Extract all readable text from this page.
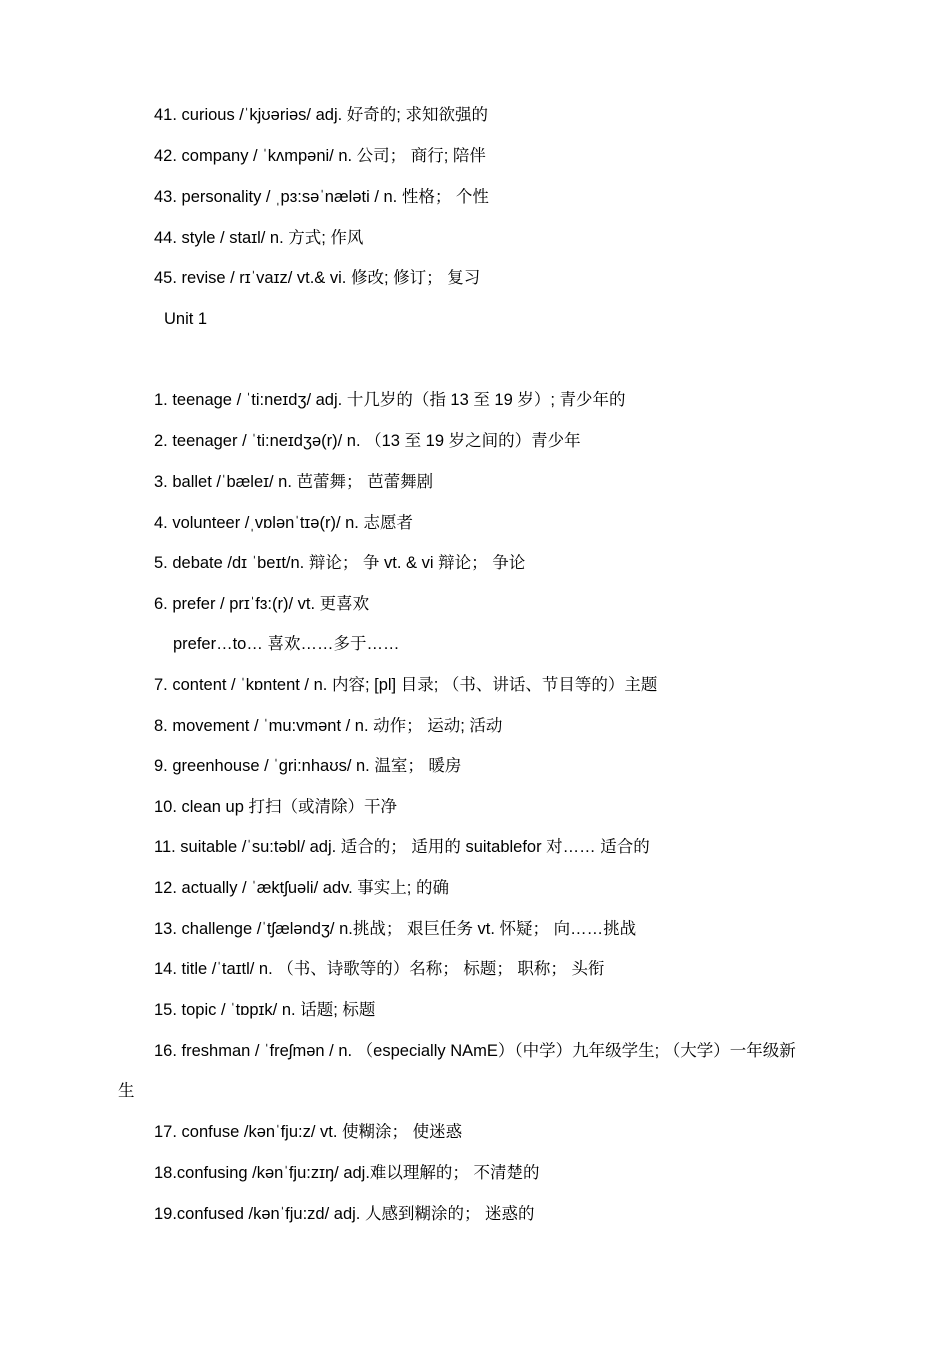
41. curious /ˈkjʊəriəs/ adj. 好奇的; 求知欲强的
42. company / ˈkʌmpəni/ n. 公司； 商行; 陪伴
43. personality / ˌpɜ:səˈnæləti / n. 性格； 个性
44. style / staɪl/ n. 方式; 作风
45. revise / rɪˈvaɪz/ vt.& vi. 修改; 修订； 复习
Unit 1
1. teenage / ˈti:neɪdʒ/ adj. 十几岁的（指 13 至 19 岁）; 青少年的
2. teenager / ˈti:neɪdʒə(r)/ n. （13 至 19 岁之间的）青少年
3. ballet /ˈbæleɪ/ n. 芭蕾舞； 芭蕾舞剧
4. volunteer /ˌvɒlənˈtɪə(r)/ n. 志愿者
5. debate /dɪ ˈbeɪt/n. 辩论； 争 vt. & vi 辩论； 争论
6. prefer / prɪˈfɜ:(r)/ vt. 更喜欢
prefer…to… 喜欢……多于……
7. content / ˈkɒntent / n. 内容; [pl] 目录; （书、讲话、节目等的）主题
8. movement / ˈmu:vmənt / n. 动作； 运动; 活动
9. greenhouse / ˈgri:nhaʊs/ n. 温室； 暖房
10. clean up 打扫（或清除）干净
11. suitable /ˈsu:təbl/ adj. 适合的； 适用的 suitablefor 对…… 适合的
12. actually / ˈæktʃuəli/ adv. 事实上; 的确
13. challenge /ˈtʃæləndʒ/ n.挑战； 艰巨任务 vt. 怀疑； 向……挑战
14. title /ˈtaɪtl/ n. （书、诗歌等的）名称； 标题； 职称； 头衔
15. topic / ˈtɒpɪk/ n. 话题; 标题
16. freshman / ˈfreʃmən / n. （especially NAmE）（中学）九年级学生; （大学）一年级新
生
17. confuse /kənˈfju:z/ vt. 使糊涂； 使迷惑
18.confusing /kənˈfju:zɪŋ/ adj.难以理解的； 不清楚的
19.confused /kənˈfju:zd/ adj. 人感到糊涂的； 迷惑的
